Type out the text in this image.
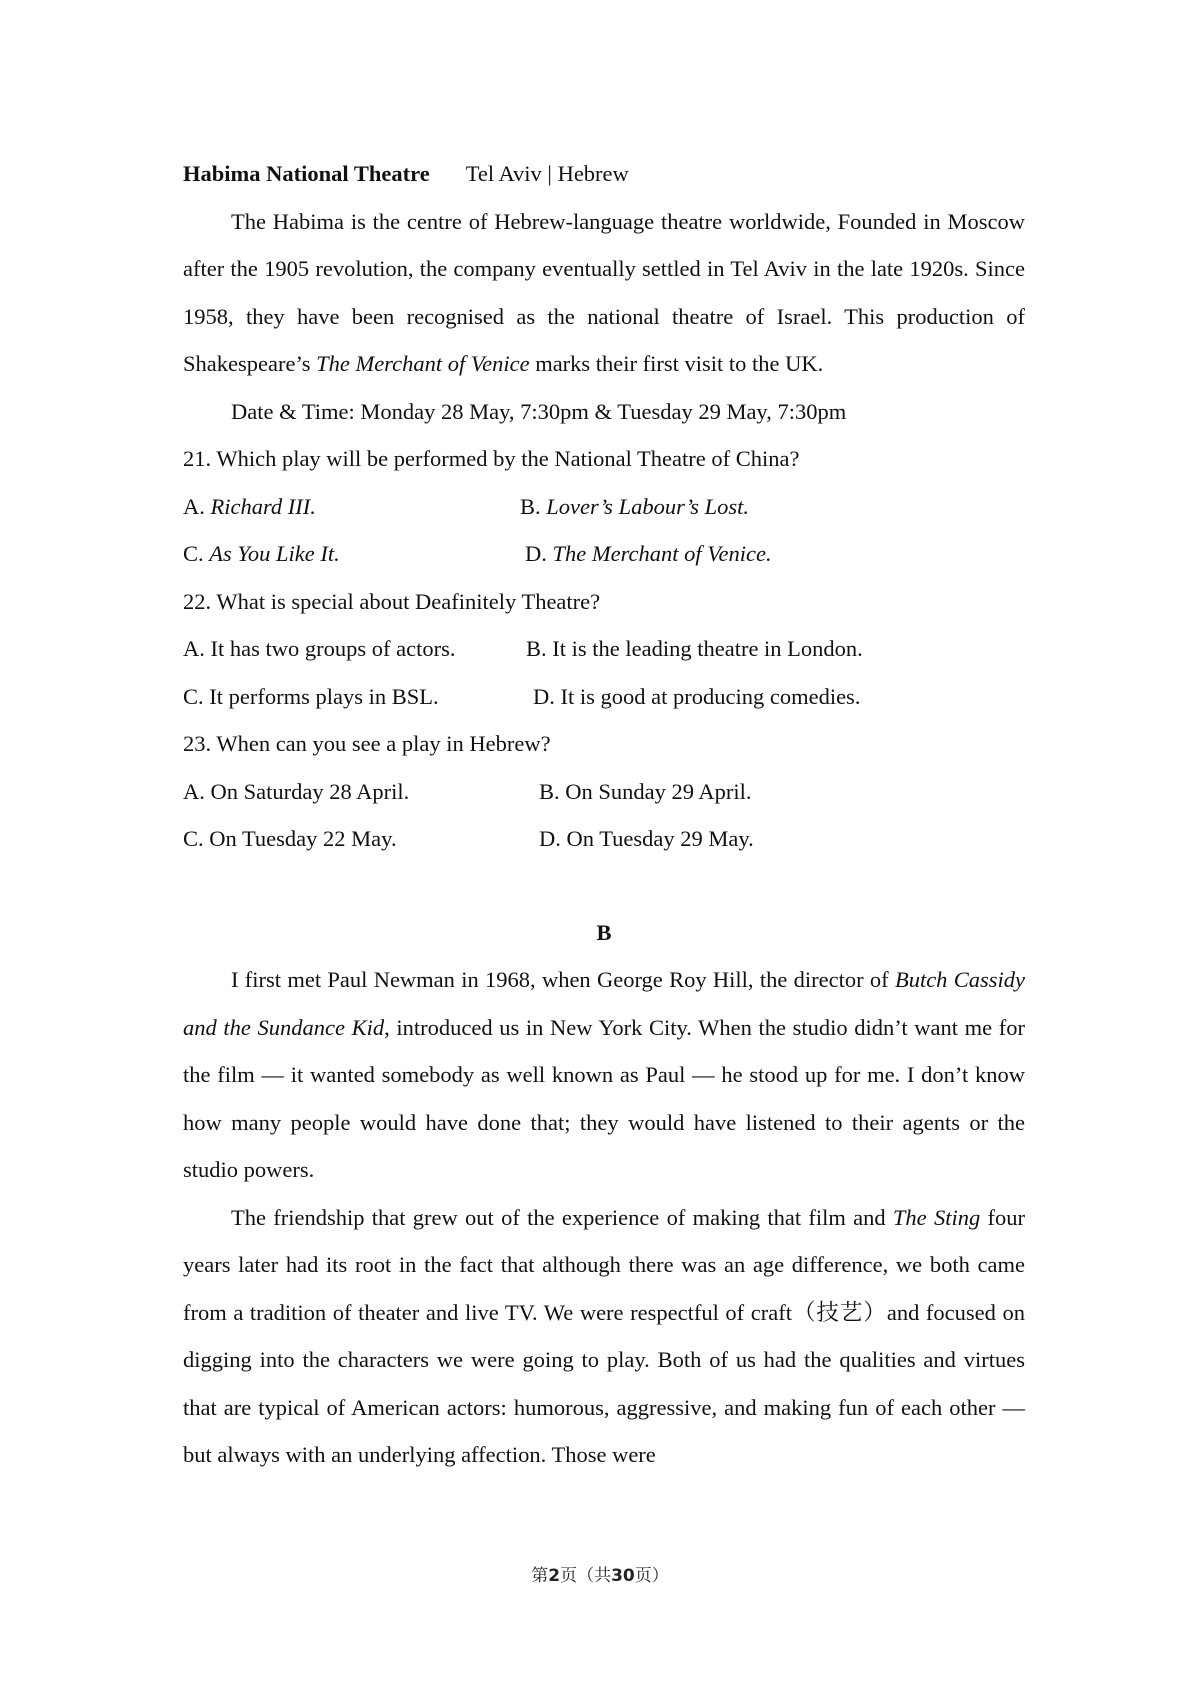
Habima National Theatre Tel Aviv | Hebrew

The Habima is the centre of Hebrew-language theatre worldwide, Founded in Moscow after the 1905 revolution, the company eventually settled in Tel Aviv in the late 1920s. Since 1958, they have been recognised as the national theatre of Israel. This production of Shakespeare’s The Merchant of Venice marks their first visit to the UK.

Date & Time: Monday 28 May, 7:30pm & Tuesday 29 May, 7:30pm

21. Which play will be performed by the National Theatre of China?

A. Richard III.	B. Lover’s Labour’s Lost.
C. As You Like It.	D. The Merchant of Venice.

22. What is special about Deafinitely Theatre?

A. It has two groups of actors.	B. It is the leading theatre in London.
C. It performs plays in BSL.	D. It is good at producing comedies.

23. When can you see a play in Hebrew?

A. On Saturday 28 April.	B. On Sunday 29 April.
C. On Tuesday 22 May.	D. On Tuesday 29 May.

B

I first met Paul Newman in 1968, when George Roy Hill, the director of Butch Cassidy and the Sundance Kid, introduced us in New York City. When the studio didn’t want me for the film — it wanted somebody as well known as Paul — he stood up for me. I don’t know how many people would have done that; they would have listened to their agents or the studio powers.

The friendship that grew out of the experience of making that film and The Sting four years later had its root in the fact that although there was an age difference, we both came from a tradition of theater and live TV. We were respectful of craft（技艺）and focused on digging into the characters we were going to play. Both of us had the qualities and virtues that are typical of American actors: humorous, aggressive, and making fun of each other — but always with an underlying affection. Those were

第2页（共30页）
